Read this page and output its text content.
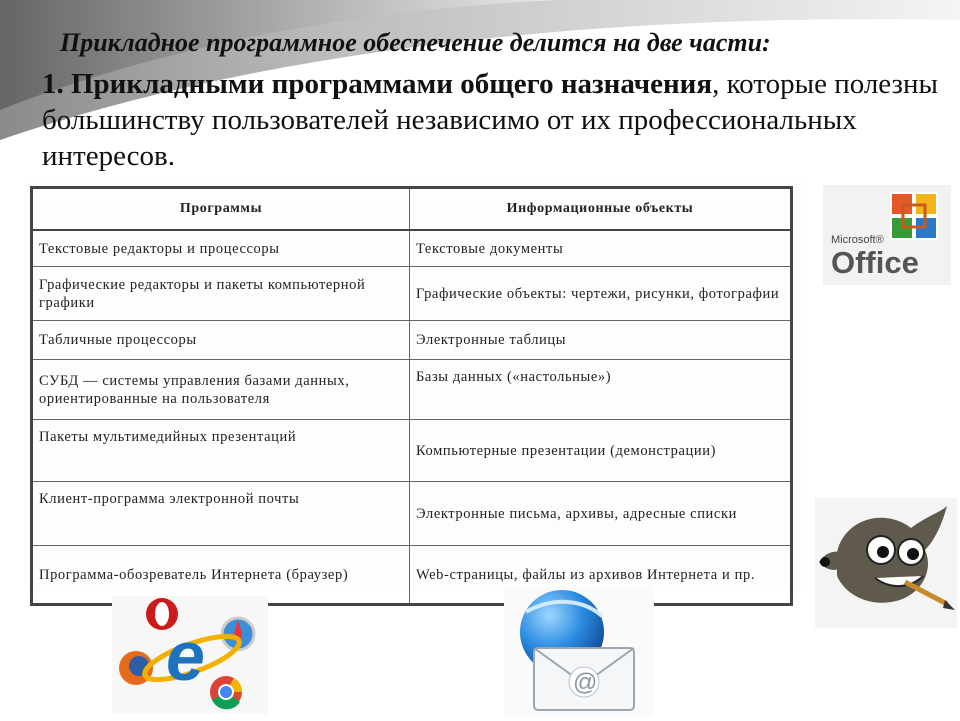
Прикладное программное обеспечение делится на две части:
1. Прикладными программами общего назначения, которые полезны большинству пользователей независимо от их профессиональных интересов.
Программы	Информационные объекты
Текстовые редакторы и процессоры	Текстовые документы
Графические редакторы и пакеты компьютерной графики	Графические объекты: чертежи, рисунки, фотографии
Табличные процессоры	Электронные таблицы
СУБД — системы управления базами данных, ориентированные на пользователя	Базы данных («настольные»)
Пакеты мультимедийных презентаций	Компьютерные презентации (демонстрации)
Клиент-программа электронной почты	Электронные письма, архивы, адресные списки
Программа-обозреватель Интернета (браузер)	Web-страницы, файлы из архивов Интернета и пр.
Microsoft®
Office
e	@
